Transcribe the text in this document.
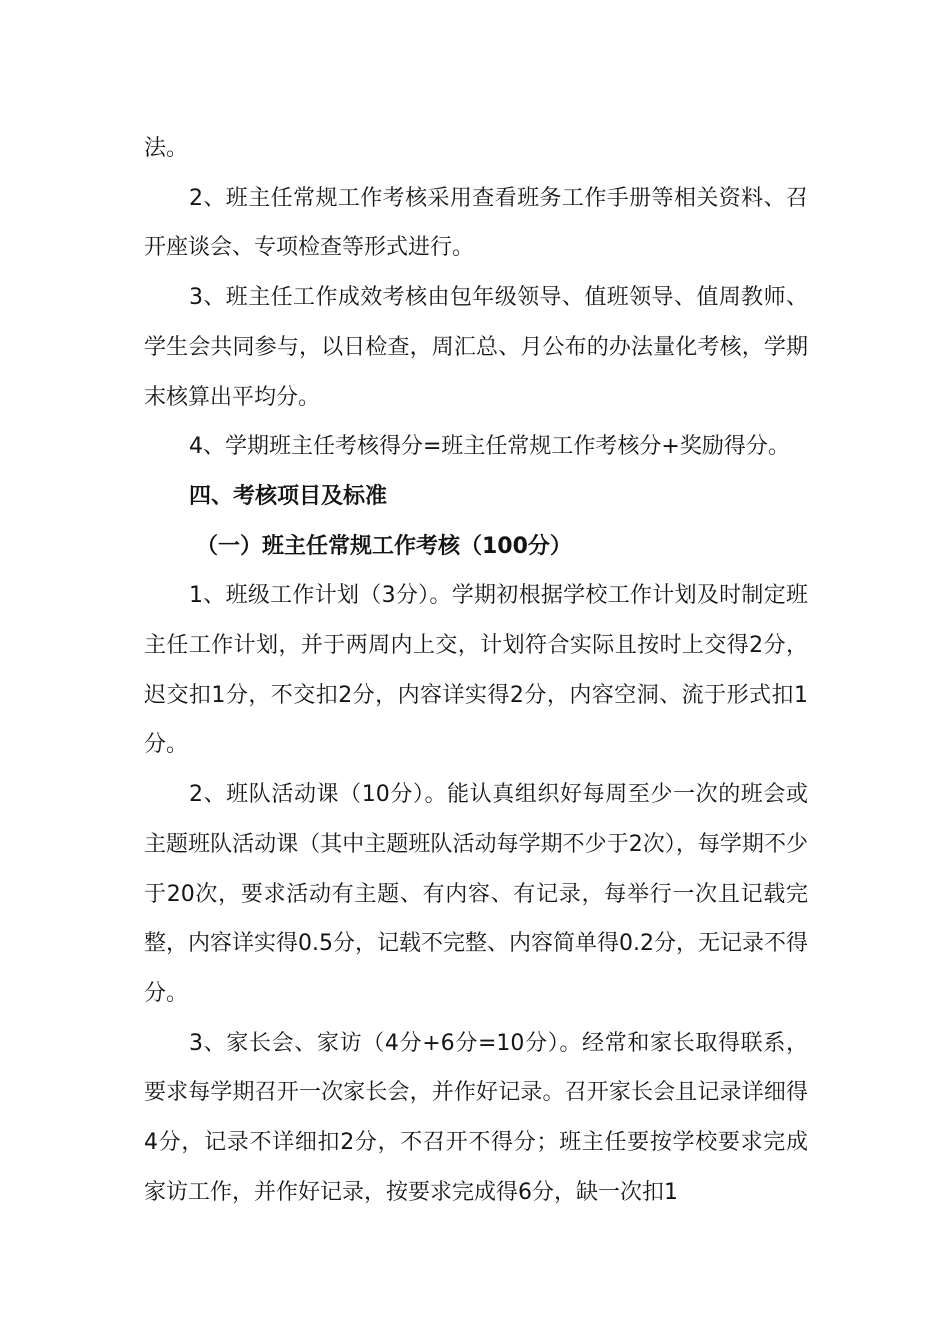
法。

2、班主任常规工作考核采用查看班务工作手册等相关资料、召开座谈会、专项检查等形式进行。

3、班主任工作成效考核由包年级领导、值班领导、值周教师、学生会共同参与，以日检查，周汇总、月公布的办法量化考核，学期末核算出平均分。

4、学期班主任考核得分=班主任常规工作考核分+奖励得分。

四、考核项目及标准

（一）班主任常规工作考核（100分）

1、班级工作计划（3分）。学期初根据学校工作计划及时制定班主任工作计划，并于两周内上交，计划符合实际且按时上交得2分，迟交扣1分，不交扣2分，内容详实得2分，内容空洞、流于形式扣1分。

2、班队活动课（10分）。能认真组织好每周至少一次的班会或主题班队活动课（其中主题班队活动每学期不少于2次），每学期不少于20次，要求活动有主题、有内容、有记录，每举行一次且记载完整，内容详实得0.5分，记载不完整、内容简单得0.2分，无记录不得分。

3、家长会、家访（4分+6分=10分）。经常和家长取得联系，要求每学期召开一次家长会，并作好记录。召开家长会且记录详细得4分，记录不详细扣2分，不召开不得分；班主任要按学校要求完成家访工作，并作好记录，按要求完成得6分，缺一次扣1
